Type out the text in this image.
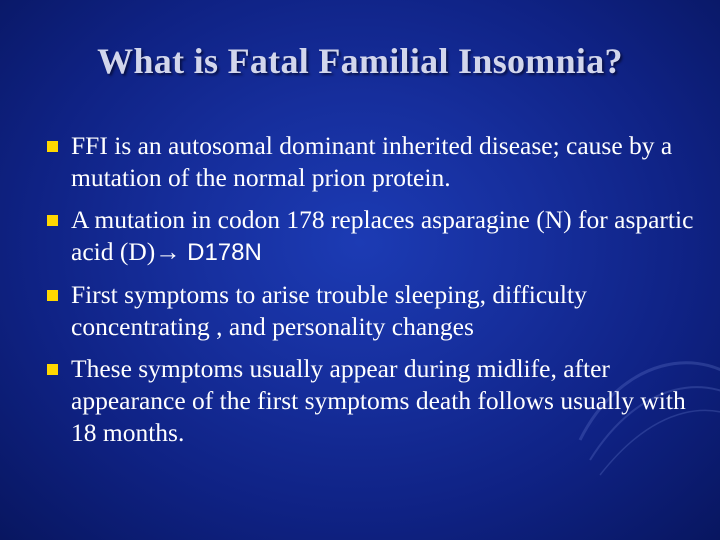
What is Fatal Familial Insomnia?
FFI is an autosomal dominant inherited disease; cause by a mutation of the normal prion protein.
A mutation in codon 178 replaces asparagine (N) for aspartic acid (D)→ D178N
First symptoms to arise trouble sleeping, difficulty concentrating , and personality changes
These symptoms usually appear during midlife, after appearance of the first symptoms death follows usually with 18 months.
